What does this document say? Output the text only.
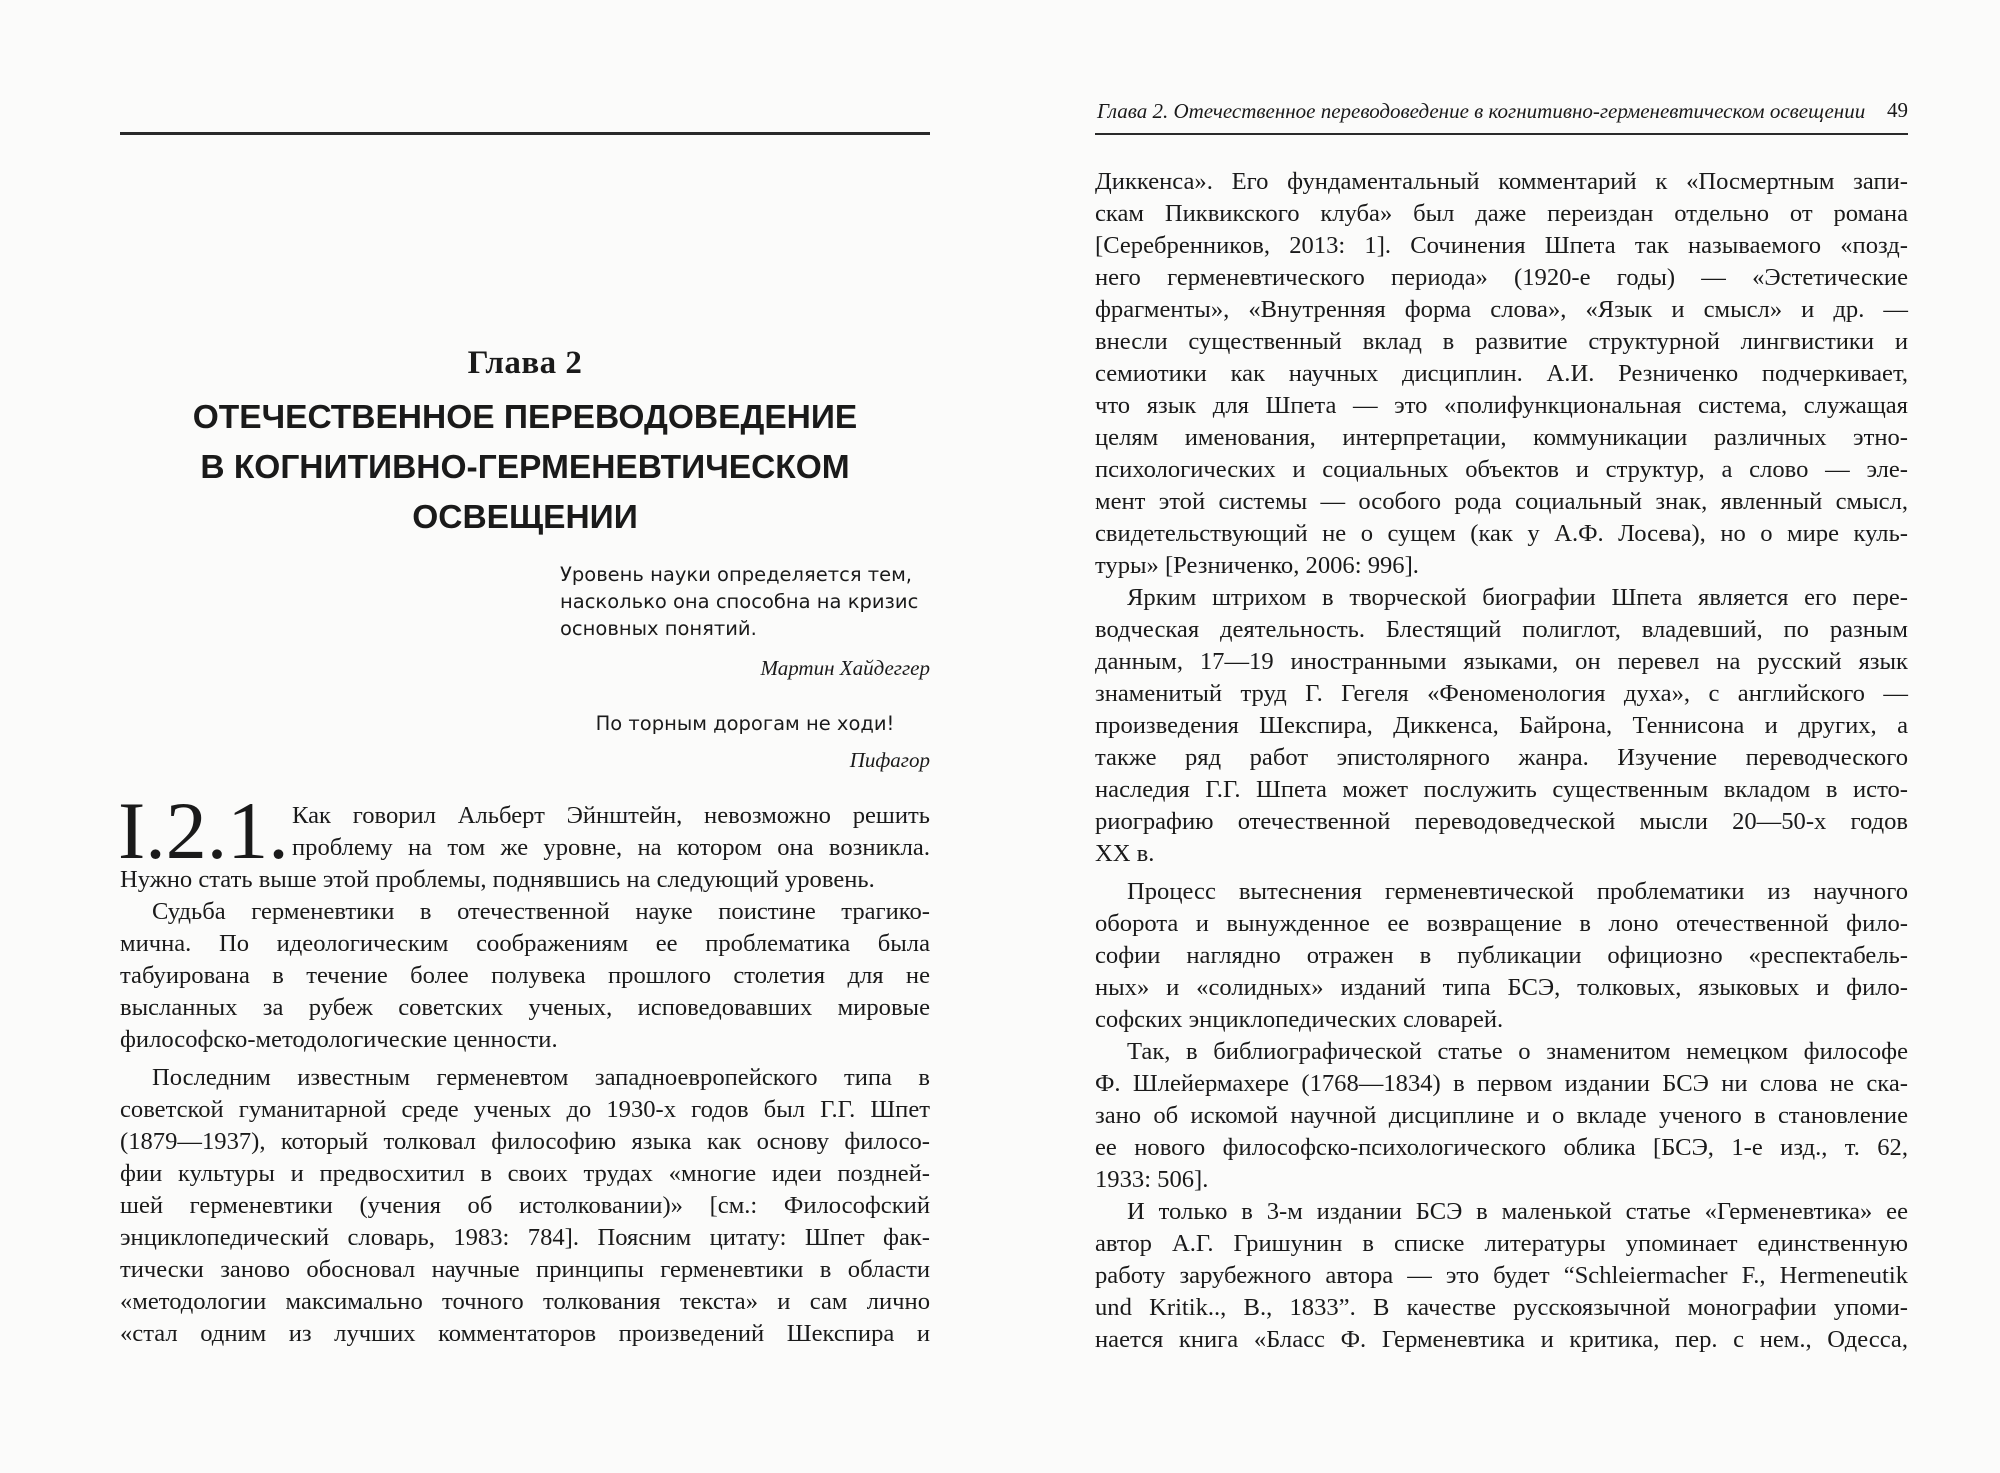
Глава 2
ОТЕЧЕСТВЕННОЕ ПЕРЕВОДОВЕДЕНИЕ
В КОГНИТИВНО-ГЕРМЕНЕВТИЧЕСКОМ
ОСВЕЩЕНИИ
Уровень науки определяется тем,
насколько она способна на кризис
основных понятий.
Мартин Хайдеггер
По торным дорогам не ходи!
Пифагор
I.2.1. Как говорил Альберт Эйнштейн, невозможно решить
проблему на том же уровне, на котором она возникла.
Нужно стать выше этой проблемы, поднявшись на следующий уровень.
Судьба герменевтики в отечественной науке поистине трагико-
мична. По идеологическим соображениям ее проблематика была
табуирована в течение более полувека прошлого столетия для не
высланных за рубеж советских ученых, исповедовавших мировые
философско-методологические ценности.
Последним известным герменевтом западноевропейского типа в
советской гуманитарной среде ученых до 1930-х годов был Г.Г. Шпет
(1879—1937), который толковал философию языка как основу филосо-
фии культуры и предвосхитил в своих трудах «многие идеи поздней-
шей герменевтики (учения об истолковании)» [см.: Философский
энциклопедический словарь, 1983: 784]. Поясним цитату: Шпет фак-
тически заново обосновал научные принципы герменевтики в области
«методологии максимально точного толкования текста» и сам лично
«стал одним из лучших комментаторов произведений Шекспира и
Глава 2. Отечественное переводоведение в когнитивно-герменевтическом освещении 49
Диккенса». Его фундаментальный комментарий к «Посмертным запи-
скам Пиквикского клуба» был даже переиздан отдельно от романа
[Серебренников, 2013: 1]. Сочинения Шпета так называемого «позд-
него герменевтического периода» (1920-е годы) — «Эстетические
фрагменты», «Внутренняя форма слова», «Язык и смысл» и др. —
внесли существенный вклад в развитие структурной лингвистики и
семиотики как научных дисциплин. А.И. Резниченко подчеркивает,
что язык для Шпета — это «полифункциональная система, служащая
целям именования, интерпретации, коммуникации различных этно-
психологических и социальных объектов и структур, а слово — эле-
мент этой системы — особого рода социальный знак, явленный смысл,
свидетельствующий не о сущем (как у А.Ф. Лосева), но о мире куль-
туры» [Резниченко, 2006: 996].
Ярким штрихом в творческой биографии Шпета является его пере-
водческая деятельность. Блестящий полиглот, владевший, по разным
данным, 17—19 иностранными языками, он перевел на русский язык
знаменитый труд Г. Гегеля «Феноменология духа», с английского —
произведения Шекспира, Диккенса, Байрона, Теннисона и других, а
также ряд работ эпистолярного жанра. Изучение переводческого
наследия Г.Г. Шпета может послужить существенным вкладом в исто-
риографию отечественной переводоведческой мысли 20—50-х годов
XX в.
Процесс вытеснения герменевтической проблематики из научного
оборота и вынужденное ее возвращение в лоно отечественной фило-
софии наглядно отражен в публикации официозно «респектабель-
ных» и «солидных» изданий типа БСЭ, толковых, языковых и фило-
софских энциклопедических словарей.
Так, в библиографической статье о знаменитом немецком философе
Ф. Шлейермахере (1768—1834) в первом издании БСЭ ни слова не ска-
зано об искомой научной дисциплине и о вкладе ученого в становление
ее нового философско-психологического облика [БСЭ, 1-е изд., т. 62,
1933: 506].
И только в 3-м издании БСЭ в маленькой статье «Герменевтика» ее
автор А.Г. Гришунин в списке литературы упоминает единственную
работу зарубежного автора — это будет “Schleiermacher F., Hermeneutik
und Kritik.., B., 1833”. В качестве русскоязычной монографии упоми-
нается книга «Бласс Ф. Герменевтика и критика, пер. с нем., Одесса,
